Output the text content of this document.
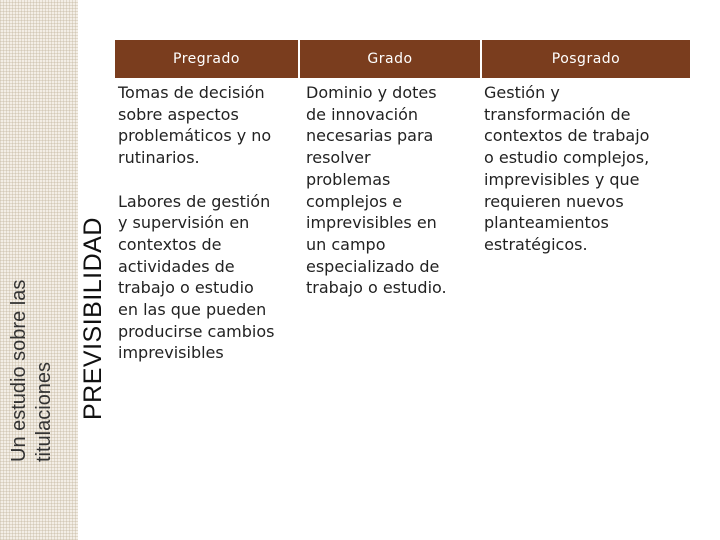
Un estudio sobre las
titulaciones PREVISIBILIDAD
Pregrado	Grado	Posgrado
Tomas de decisión
sobre aspectos
problemáticos y no
rutinarios.

Labores de gestión
y supervisión en
contextos de
actividades de
trabajo o estudio
en las que pueden
producirse cambios
imprevisibles
Dominio y dotes
de innovación
necesarias para
resolver
problemas
complejos e
imprevisibles en
un campo
especializado de
trabajo o estudio.
Gestión y
transformación de
contextos de trabajo
o estudio complejos,
imprevisibles y que
requieren nuevos
planteamientos
estratégicos.
